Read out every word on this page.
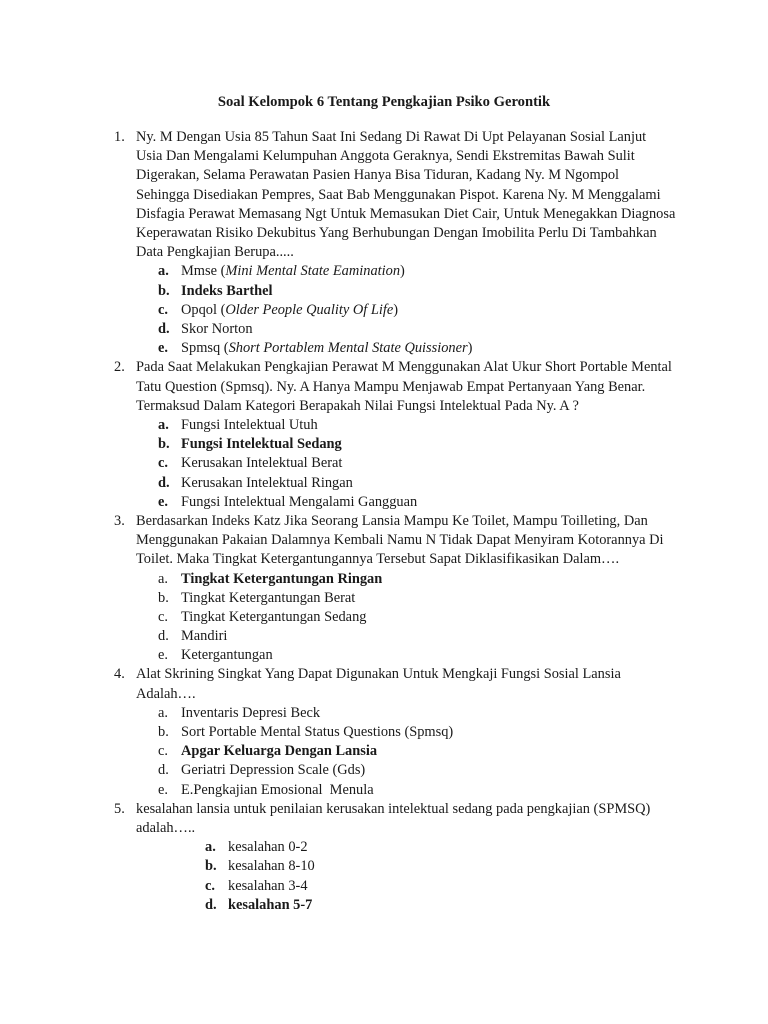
Soal Kelompok 6 Tentang Pengkajian Psiko Gerontik
1. Ny. M Dengan Usia 85 Tahun Saat Ini Sedang Di Rawat Di Upt Pelayanan Sosial Lanjut Usia Dan Mengalami Kelumpuhan Anggota Geraknya, Sendi Ekstremitas Bawah Sulit Digerakan, Selama Perawatan Pasien Hanya Bisa Tiduran, Kadang Ny. M Ngompol Sehingga Disediakan Pempres, Saat Bab Menggunakan Pispot. Karena Ny. M Menggalami Disfagia Perawat Memasang Ngt Untuk Memasukan Diet Cair, Untuk Menegakkan Diagnosa Keperawatan Risiko Dekubitus Yang Berhubungan Dengan Imobilita Perlu Di Tambahkan Data Pengkajian Berupa.....
a. Mmse (Mini Mental State Eamination)
b. Indeks Barthel
c. Opqol (Older People Quality Of Life)
d. Skor Norton
e. Spmsq (Short Portablem Mental State Quissioner)
2. Pada Saat Melakukan Pengkajian Perawat M Menggunakan Alat Ukur Short Portable Mental Tatu Question (Spmsq). Ny. A Hanya Mampu Menjawab Empat Pertanyaan Yang Benar. Termaksud Dalam Kategori Berapakah Nilai Fungsi Intelektual Pada Ny. A ?
a. Fungsi Intelektual Utuh
b. Fungsi Intelektual Sedang
c. Kerusakan Intelektual Berat
d. Kerusakan Intelektual Ringan
e. Fungsi Intelektual Mengalami Gangguan
3. Berdasarkan Indeks Katz Jika Seorang Lansia Mampu Ke Toilet, Mampu Toilleting, Dan Menggunakan Pakaian Dalamnya Kembali Namu N Tidak Dapat Menyiram Kotorannya Di Toilet. Maka Tingkat Ketergantungannya Tersebut Sapat Diklasifikasikan Dalam….
a. Tingkat Ketergantungan Ringan
b. Tingkat Ketergantungan Berat
c. Tingkat Ketergantungan Sedang
d. Mandiri
e. Ketergantungan
4. Alat Skrining Singkat Yang Dapat Digunakan Untuk Mengkaji Fungsi Sosial Lansia Adalah….
a. Inventaris Depresi Beck
b. Sort Portable Mental Status Questions (Spmsq)
c. Apgar Keluarga Dengan Lansia
d. Geriatri Depression Scale (Gds)
e. E.Pengkajian Emosional  Menula
5. kesalahan lansia untuk penilaian kerusakan intelektual sedang pada pengkajian (SPMSQ) adalah…..
a. kesalahan 0-2
b. kesalahan 8-10
c. kesalahan 3-4
d. kesalahan 5-7
